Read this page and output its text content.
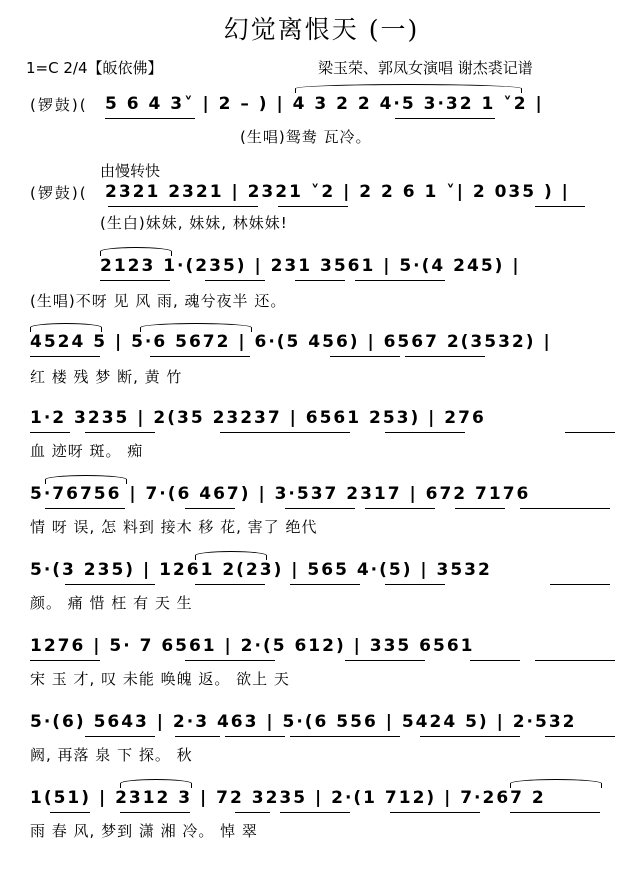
幻觉离恨天 (一)
1=C 2/4【皈依佛】	梁玉荣、郭凤女演唱 谢杰裘记谱
(锣鼓)( 5 6 4 3˅ | 2 – ) | 4 3 2 2 4·5 3·32 1 ˅2 |
(生唱)鸳鸯 瓦冷。
由慢转快
(锣鼓)( 2321 2321 | 2321 ˅2 | 2 2 6 1 ˅| 2 035 ) |
(生白)妹妹, 妹妹, 林妹妹!
2123 1·(235) | 231 3561 | 5·(4 245) |
(生唱)不呀 见 风 雨, 魂兮夜半 还。
4524 5 | 5·6 5672 | 6·(5 456) | 6567 2(3532) |
红 楼 残 梦 断, 黄 竹
1·2 3235 | 2(35 23237 | 6561 253) | 276
血 迹呀 斑。 痴
5·76756 | 7·(6 467) | 3·537 2317 | 672 7176
情 呀 误, 怎 料到 接木 移 花, 害了 绝代
5·(3 235) | 1261 2(23) | 565 4·(5) | 3532
颜。 痛 惜 枉 有 天 生
1276 | 5· 7 6561 | 2·(5 612) | 335 6561
宋 玉 才, 叹 未能 唤魄 返。 欲上 天
5·(6) 5643 | 2·3 463 | 5·(6 556 | 5424 5) | 2·532
阙, 再落 泉 下 探。 秋
1(51) | 2312 3 | 72 3235 | 2·(1 712) | 7·267 2
雨 春 风, 梦到 潇 湘 冷。 悼 翠
